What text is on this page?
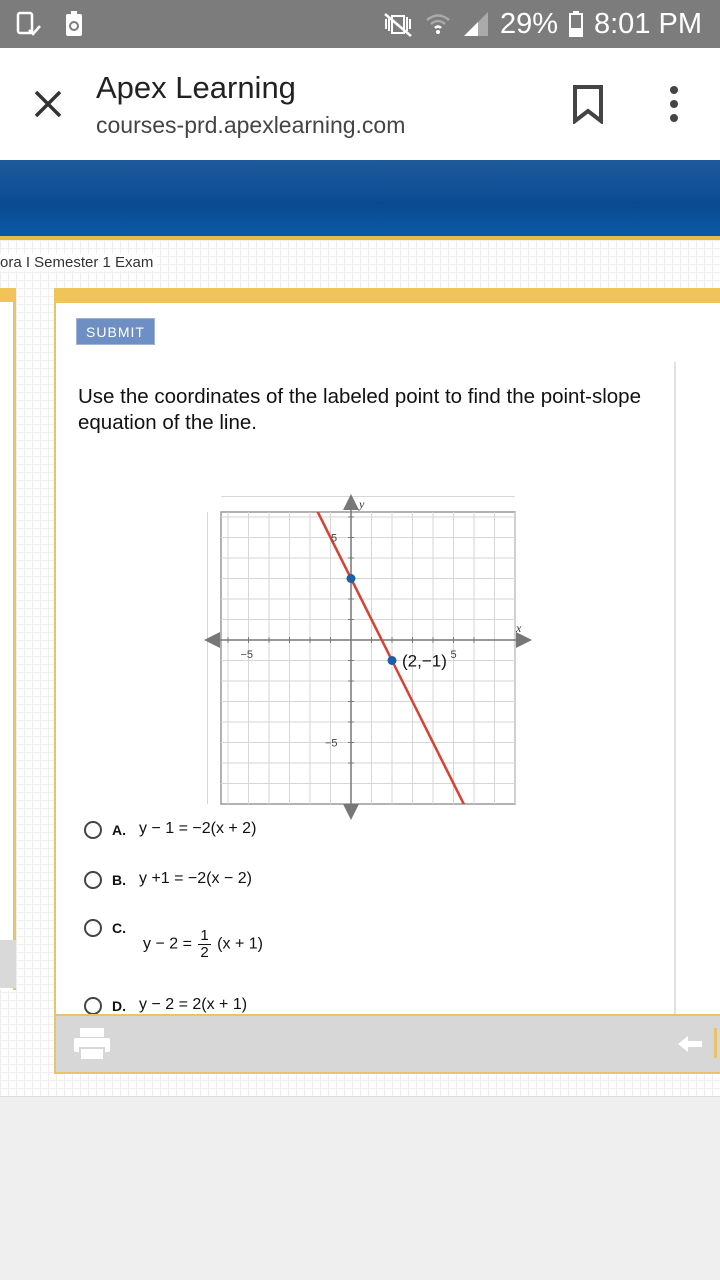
29% 8:01 PM
Apex Learning
courses-prd.apexlearning.com
ora I Semester 1 Exam
SUBMIT
Use the coordinates of the labeled point to find the point-slope equation of the line.
(2,−1)
x
y
−5	5
5
−5
A. y − 1 = −2(x + 2)
B. y +1 = −2(x − 2)
C.
$y - 2 = \frac{1}{2} (x + 1)$
D. y − 2 = 2(x + 1)
